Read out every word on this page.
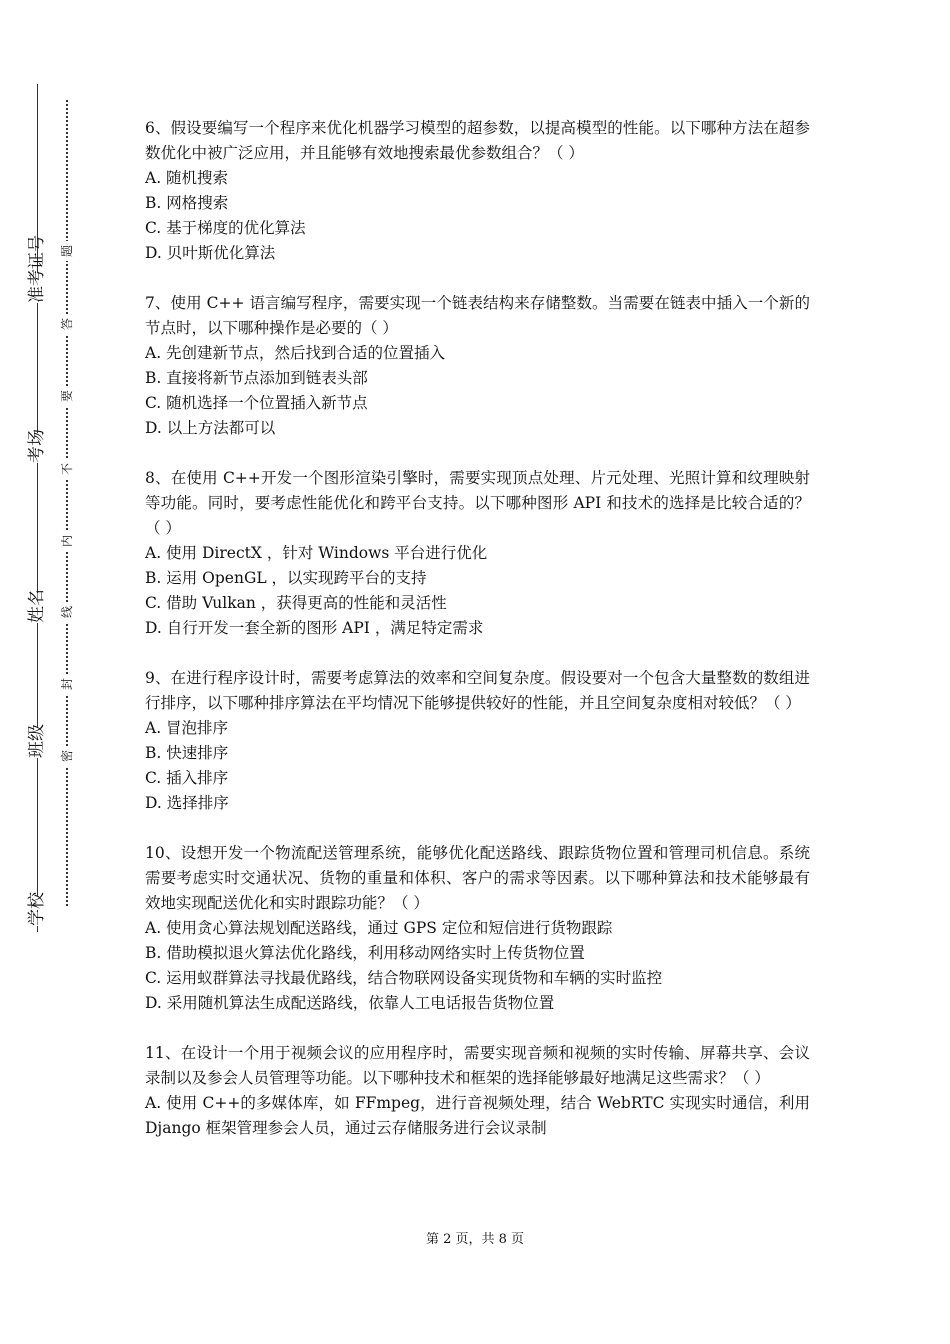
准考证号
考场
姓名
班级
学校
题
答
要
不
内
线
封
密
6、假设要编写一个程序来优化机器学习模型的超参数，以提高模型的性能。以下哪种方法在超参数优化中被广泛应用，并且能够有效地搜索最优参数组合？（ ）
A. 随机搜索
B. 网格搜索
C. 基于梯度的优化算法
D. 贝叶斯优化算法
7、使用 C++ 语言编写程序，需要实现一个链表结构来存储整数。当需要在链表中插入一个新的节点时，以下哪种操作是必要的（ ）
A. 先创建新节点，然后找到合适的位置插入
B. 直接将新节点添加到链表头部
C. 随机选择一个位置插入新节点
D. 以上方法都可以
8、在使用 C++开发一个图形渲染引擎时，需要实现顶点处理、片元处理、光照计算和纹理映射等功能。同时，要考虑性能优化和跨平台支持。以下哪种图形 API 和技术的选择是比较合适的？（ ）
A. 使用 DirectX ，针对 Windows 平台进行优化
B. 运用 OpenGL ，以实现跨平台的支持
C. 借助 Vulkan ，获得更高的性能和灵活性
D. 自行开发一套全新的图形 API ，满足特定需求
9、在进行程序设计时，需要考虑算法的效率和空间复杂度。假设要对一个包含大量整数的数组进行排序，以下哪种排序算法在平均情况下能够提供较好的性能，并且空间复杂度相对较低？（ ）
A. 冒泡排序
B. 快速排序
C. 插入排序
D. 选择排序
10、设想开发一个物流配送管理系统，能够优化配送路线、跟踪货物位置和管理司机信息。系统需要考虑实时交通状况、货物的重量和体积、客户的需求等因素。以下哪种算法和技术能够最有效地实现配送优化和实时跟踪功能？（ ）
A. 使用贪心算法规划配送路线，通过 GPS 定位和短信进行货物跟踪
B. 借助模拟退火算法优化路线，利用移动网络实时上传货物位置
C. 运用蚁群算法寻找最优路线，结合物联网设备实现货物和车辆的实时监控
D. 采用随机算法生成配送路线，依靠人工电话报告货物位置
11、在设计一个用于视频会议的应用程序时，需要实现音频和视频的实时传输、屏幕共享、会议录制以及参会人员管理等功能。以下哪种技术和框架的选择能够最好地满足这些需求？（ ）
A. 使用 C++的多媒体库，如 FFmpeg，进行音视频处理，结合 WebRTC 实现实时通信，利用 Django 框架管理参会人员，通过云存储服务进行会议录制
第 2 页，共 8 页
